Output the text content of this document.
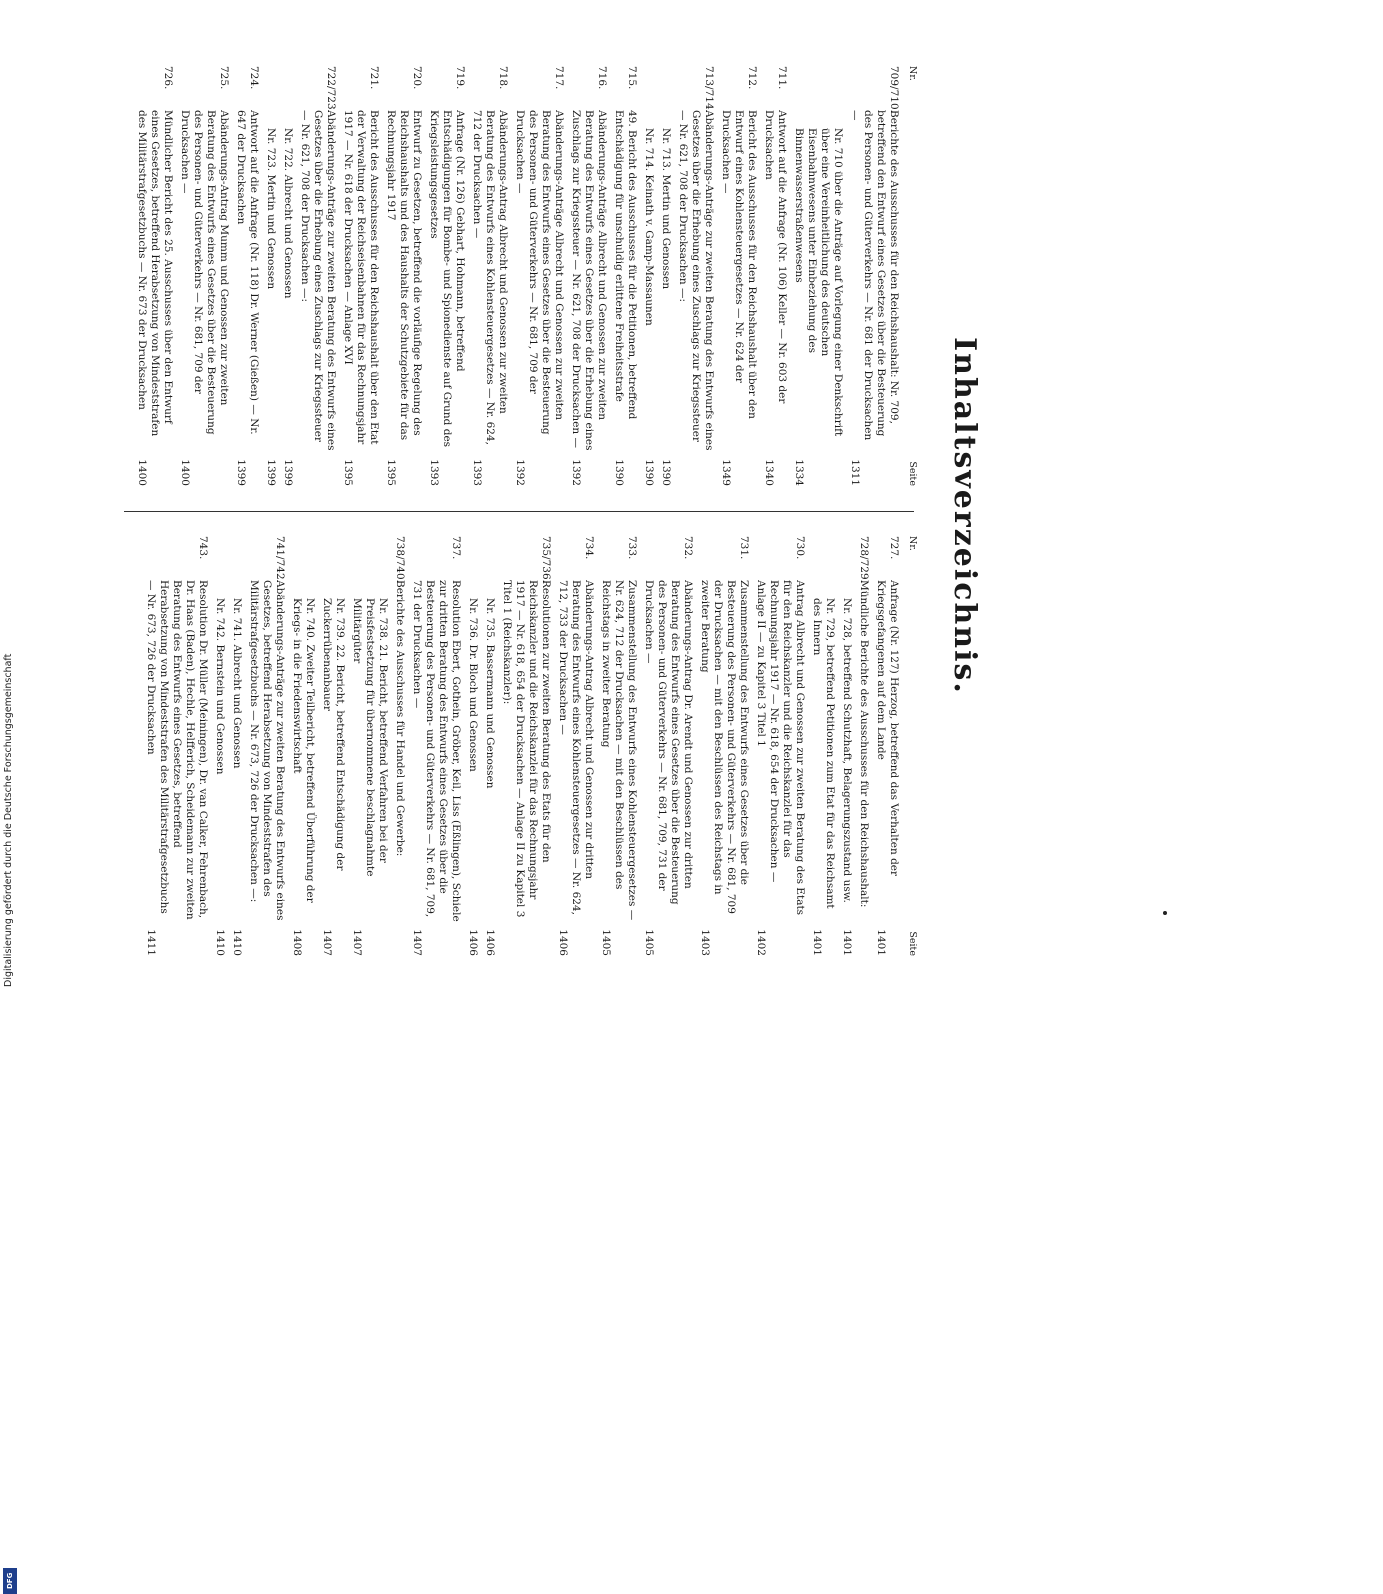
Digitalisierung gefördert durch die Deutsche Forschungsgemeinschaft
DFG
Inhaltsverzeichnis.
Nr.
Seite
709/710.
Berichte des Ausschusses für den Reichshaushalt: Nr. 709, betreffend den Entwurf eines Gesetzes über die Besteuerung des Personen- und Güterverkehrs — Nr. 681 der Drucksachen —
1311
Nr. 710 über die Anträge auf Vorlegung einer Denkschrift über eine Vereinheitlichung des deutschen Eisenbahnwesens unter Einbeziehung des Binnenwasserstraßenwesens
1334
711.
Antwort auf die Anfrage (Nr. 106) Keller — Nr. 603 der Drucksachen
1340
712.
Bericht des Ausschusses für den Reichshaushalt über den Entwurf eines Kohlensteuergesetzes — Nr. 624 der Drucksachen —
1349
713/714.
Abänderungs-Anträge zur zweiten Beratung des Entwurfs eines Gesetzes über die Erhebung eines Zuschlags zur Kriegssteuer — Nr. 621, 708 der Drucksachen —:
Nr. 713. Mertin und Genossen
1390
Nr. 714. Keinath v. Gamp-Massaunen
1390
715.
49. Bericht des Ausschusses für die Petitionen, betreffend Entschädigung für unschuldig erlittene Freiheitsstrafe
1390
716.
Abänderungs-Anträge Albrecht und Genossen zur zweiten Beratung des Entwurfs eines Gesetzes über die Erhebung eines Zuschlags zur Kriegssteuer — Nr. 621, 708 der Drucksachen —
1392
717.
Abänderungs-Anträge Albrecht und Genossen zur zweiten Beratung des Entwurfs eines Gesetzes über die Besteuerung des Personen- und Güterverkehrs — Nr. 681, 709 der Drucksachen —
1392
718.
Abänderungs-Antrag Albrecht und Genossen zur zweiten Beratung des Entwurfs eines Kohlensteuergesetzes — Nr. 624, 712 der Drucksachen —
1393
719.
Anfrage (Nr. 126) Gebhart, Hohmann, betreffend Entschädigungen für Bombe- und Spionedienste auf Grund des Kriegsleistungsgesetzes
1393
720.
Entwurf zu Gesetzen, betreffend die vorläufige Regelung des Reichshaushalts und des Haushalts der Schutzgebiete für das Rechnungsjahr 1917
1395
721.
Bericht des Ausschusses für den Reichshaushalt über den Etat der Verwaltung der Reichseisenbahnen für das Rechnungsjahr 1917 — Nr. 618 der Drucksachen — Anlage XVI
1395
722/723.
Abänderungs-Anträge zur zweiten Beratung des Entwurfs eines Gesetzes über die Erhebung eines Zuschlags zur Kriegssteuer — Nr. 621, 708 der Drucksachen —:
Nr. 722. Albrecht und Genossen
1399
Nr. 723. Mertin und Genossen
1399
724.
Antwort auf die Anfrage (Nr. 118) Dr. Werner (Gießen) — Nr. 647 der Drucksachen
1399
725.
Abänderungs-Antrag Mumm und Genossen zur zweiten Beratung des Entwurfs eines Gesetzes über die Besteuerung des Personen- und Güterverkehrs — Nr. 681, 709 der Drucksachen —
1400
726.
Mündlicher Bericht des 25. Ausschusses über den Entwurf eines Gesetzes, betreffend Herabsetzung von Mindeststrafen des Militärstrafgesetzbuchs — Nr. 673 der Drucksachen
1400
Nr.
Seite
727.
Anfrage (Nr. 127) Herzog, betreffend das Verhalten der Kriegsgefangenen auf dem Lande
1401
728/729.
Mündliche Berichte des Ausschusses für den Reichshaushalt:
Nr. 728, betreffend Schutzhaft, Belagerungszustand usw.
1401
Nr. 729, betreffend Petitionen zum Etat für das Reichsamt des Innern
1401
730.
Antrag Albrecht und Genossen zur zweiten Beratung des Etats für den Reichskanzler und die Reichskanzlei für das Rechnungsjahr 1917 — Nr. 618, 654 der Drucksachen — Anlage II — zu Kapitel 3 Titel 1
1402
731.
Zusammenstellung des Entwurfs eines Gesetzes über die Besteuerung des Personen- und Güterverkehrs — Nr. 681, 709 der Drucksachen — mit den Beschlüssen des Reichstags in zweiter Beratung
1403
732.
Abänderungs-Antrag Dr. Arendt und Genossen zur dritten Beratung des Entwurfs eines Gesetzes über die Besteuerung des Personen- und Güterverkehrs — Nr. 681, 709, 731 der Drucksachen —
1405
733.
Zusammenstellung des Entwurfs eines Kohlensteuergesetzes — Nr. 624, 712 der Drucksachen — mit den Beschlüssen des Reichstags in zweiter Beratung
1405
734.
Abänderungs-Antrag Albrecht und Genossen zur dritten Beratung des Entwurfs eines Kohlensteuergesetzes — Nr. 624, 712, 733 der Drucksachen —
1406
735/736.
Resolutionen zur zweiten Beratung des Etats für den Reichskanzler und die Reichskanzlei für das Rechnungsjahr 1917 — Nr. 618, 654 der Drucksachen — Anlage II zu Kapitel 3 Titel 1 (Reichskanzler):
Nr. 735. Bassermann und Genossen
1406
Nr. 736. Dr. Bloch und Genossen
1406
737.
Resolution Ebert, Gothein, Gröber, Keil, Liss (Eßlingen), Schiele zur dritten Beratung des Entwurfs eines Gesetzes über die Besteuerung des Personen- und Güterverkehrs — Nr. 681, 709, 731 der Drucksachen —
1407
738/740.
Berichte des Ausschusses für Handel und Gewerbe:
Nr. 738. 21. Bericht, betreffend Verfahren bei der Preisfestsetzung für übernommene beschlagnahmte Militärgüter
1407
Nr. 739. 22. Bericht, betreffend Entschädigung der Zuckerrübenanbauer
1407
Nr. 740. Zweiter Teilbericht, betreffend Überführung der Kriegs- in die Friedenswirtschaft
1408
741/742.
Abänderungs-Anträge zur zweiten Beratung des Entwurfs eines Gesetzes, betreffend Herabsetzung von Mindeststrafen des Militärstrafgesetzbuchs — Nr. 673, 726 der Drucksachen —:
Nr. 741. Albrecht und Genossen
1410
Nr. 742. Bernstein und Genossen
1410
743.
Resolution Dr. Müller (Meiningen), Dr. van Calker, Fehrenbach, Dr. Haas (Baden), Hechle, Helfferich, Scheidemann zur zweiten Beratung des Entwurfs eines Gesetzes, betreffend Herabsetzung von Mindeststrafen des Militärstrafgesetzbuchs — Nr. 673, 726 der Drucksachen
1411
